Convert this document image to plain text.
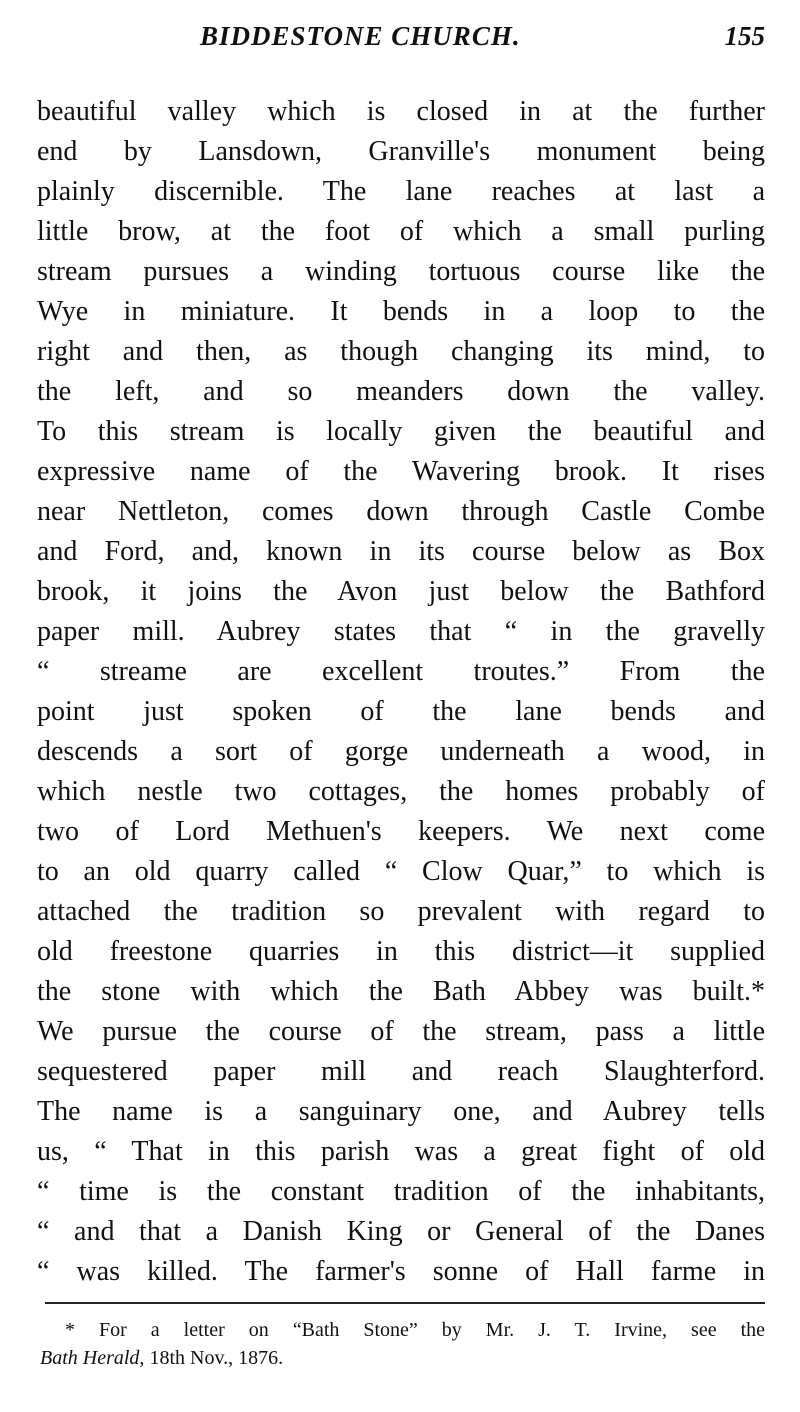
BIDDESTONE CHURCH.	155
beautiful valley which is closed in at the further
end by Lansdown, Granville's monument being
plainly discernible. The lane reaches at last a
little brow, at the foot of which a small purling
stream pursues a winding tortuous course like the
Wye in miniature. It bends in a loop to the
right and then, as though changing its mind, to
the left, and so meanders down the valley.
To this stream is locally given the beautiful and
expressive name of the Wavering brook. It rises
near Nettleton, comes down through Castle Combe
and Ford, and, known in its course below as Box
brook, it joins the Avon just below the Bathford
paper mill. Aubrey states that “ in the gravelly
“ streame are excellent troutes.” From the
point just spoken of the lane bends and
descends a sort of gorge underneath a wood, in
which nestle two cottages, the homes probably of
two of Lord Methuen's keepers. We next come
to an old quarry called “ Clow Quar,” to which is
attached the tradition so prevalent with regard to
old freestone quarries in this district—it supplied
the stone with which the Bath Abbey was built.*
We pursue the course of the stream, pass a little
sequestered paper mill and reach Slaughterford.
The name is a sanguinary one, and Aubrey tells
us, “ That in this parish was a great fight of old
“ time is the constant tradition of the inhabitants,
“ and that a Danish King or General of the Danes
“ was killed. The farmer's sonne of Hall farme in
* For a letter on “Bath Stone” by Mr. J. T. Irvine, see the
Bath Herald, 18th Nov., 1876.
